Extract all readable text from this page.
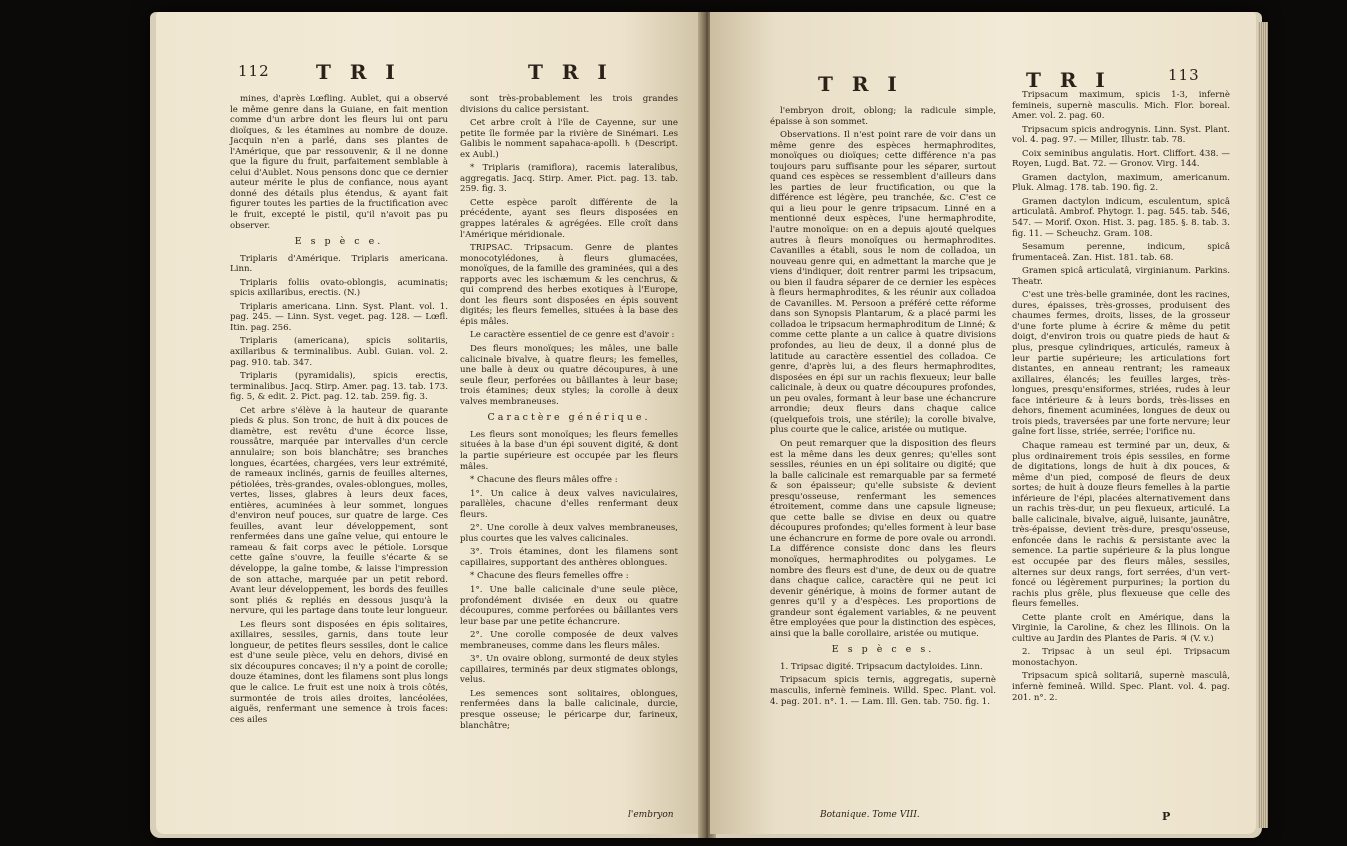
112 T R I	T R I

mines, d'après Lœfling. Aublet, qui a observé le même genre dans la Guiane, en fait mention comme d'un arbre dont les fleurs lui ont paru dioïques, & les étamines au nombre de douze. Jacquin n'en a parlé, dans ses plantes de l'Amérique, que par ressouvenir, & il ne donne que la figure du fruit, parfaitement semblable à celui d'Aublet. Nous pensons donc que ce dernier auteur mérite le plus de confiance, nous ayant donné des détails plus étendus, & ayant fait figurer toutes les parties de la fructification avec le fruit, excepté le pistil, qu'il n'avoit pas pu observer.

E s p è c e.

Triplaris d'Amérique. Triplaris americana. Linn.

Triplaris foliis ovato-oblongis, acuminatis; spicis axillaribus, erectis. (N.)

Triplaris americana. Linn. Syst. Plant. vol. 1. pag. 245. — Linn. Syst. veget. pag. 128. — Lœfl. Itin. pag. 256.

Triplaris (americana), spicis solitariis, axillaribus & terminalibus. Aubl. Guian. vol. 2. pag. 910. tab. 347.

Triplaris (pyramidalis), spicis erectis, terminalibus. Jacq. Stirp. Amer. pag. 13. tab. 173. fig. 5, & edit. 2. Pict. pag. 12. tab. 259. fig. 3.

Cet arbre s'élève à la hauteur de quarante pieds & plus. Son tronc, de huit à dix pouces de diamètre, est revêtu d'une écorce lisse, roussâtre, marquée par intervalles d'un cercle annulaire; son bois blanchâtre; ses branches longues, écartées, chargées, vers leur extrémité, de rameaux inclinés, garnis de feuilles alternes, pétiolées, très-grandes, ovales-oblongues, molles, vertes, lisses, glabres à leurs deux faces, entières, acuminées à leur sommet, longues d'environ neuf pouces, sur quatre de large. Ces feuilles, avant leur développement, sont renfermées dans une gaîne velue, qui entoure le rameau & fait corps avec le pétiole. Lorsque cette gaîne s'ouvre, la feuille s'écarte & se développe, la gaîne tombe, & laisse l'impression de son attache, marquée par un petit rebord. Avant leur développement, les bords des feuilles sont pliés & repliés en dessous jusqu'à la nervure, qui les partage dans toute leur longueur.

Les fleurs sont disposées en épis solitaires, axillaires, sessiles, garnis, dans toute leur longueur, de petites fleurs sessiles, dont le calice est d'une seule pièce, velu en dehors, divisé en six découpures concaves; il n'y a point de corolle; douze étamines, dont les filamens sont plus longs que le calice. Le fruit est une noix à trois côtés, surmontée de trois ailes droites, lancéolées, aiguës, renfermant une semence à trois faces: ces ailes

sont très-probablement les trois grandes divisions du calice persistant.

Cet arbre croît à l'île de Cayenne, sur une petite île formée par la rivière de Sinémari. Les Galibis le nomment sapahaca-apolli. ♄ (Descript. ex Aubl.)

* Triplaris (ramiflora), racemis lateralibus, aggregatis. Jacq. Stirp. Amer. Pict. pag. 13. tab. 259. fig. 3.

Cette espèce paroît différente de la précédente, ayant ses fleurs disposées en grappes latérales & agrégées. Elle croît dans l'Amérique méridionale.

TRIPSAC. Tripsacum. Genre de plantes monocotylédones, à fleurs glumacées, monoïques, de la famille des graminées, qui a des rapports avec les ischæmum & les cenchrus, & qui comprend des herbes exotiques à l'Europe, dont les fleurs sont disposées en épis souvent digités; les fleurs femelles, situées à la base des épis mâles.

Le caractère essentiel de ce genre est d'avoir :

Des fleurs monoïques; les mâles, une balle calicinale bivalve, à quatre fleurs; les femelles, une balle à deux ou quatre découpures, à une seule fleur, perforées ou bâillantes à leur base; trois étamines; deux styles; la corolle à deux valves membraneuses.

Caractère générique.

Les fleurs sont monoïques; les fleurs femelles situées à la base d'un épi souvent digité, & dont la partie supérieure est occupée par les fleurs mâles.

* Chacune des fleurs mâles offre :

1°. Un calice à deux valves naviculaires, parallèles, chacune d'elles renfermant deux fleurs.

2°. Une corolle à deux valves membraneuses, plus courtes que les valves calicinales.

3°. Trois étamines, dont les filamens sont capillaires, supportant des anthères oblongues.

* Chacune des fleurs femelles offre :

1°. Une balle calicinale d'une seule pièce, profondément divisée en deux ou quatre découpures, comme perforées ou bâillantes vers leur base par une petite échancrure.

2°. Une corolle composée de deux valves membraneuses, comme dans les fleurs mâles.

3°. Un ovaire oblong, surmonté de deux styles capillaires, terminés par deux stigmates oblongs, velus.

Les semences sont solitaires, oblongues, renfermées dans la balle calicinale, durcie, presque osseuse; le péricarpe dur, farineux, blanchâtre;

l'embryon
T R I	T R I	113

l'embryon droit, oblong; la radicule simple, épaisse à son sommet.

Observations. Il n'est point rare de voir dans un même genre des espèces hermaphrodites, monoïques ou dioïques; cette différence n'a pas toujours paru suffisante pour les séparer, surtout quand ces espèces se ressemblent d'ailleurs dans les parties de leur fructification, ou que la différence est légère, peu tranchée, &c. C'est ce qui a lieu pour le genre tripsacum. Linné en a mentionné deux espèces, l'une hermaphrodite, l'autre monoïque: on en a depuis ajouté quelques autres à fleurs monoïques ou hermaphrodites. Cavanilles a établi, sous le nom de colladoa, un nouveau genre qui, en admettant la marche que je viens d'indiquer, doit rentrer parmi les tripsacum, ou bien il faudra séparer de ce dernier les espèces à fleurs hermaphrodites, & les réunir aux colladoa de Cavanilles. M. Persoon a préféré cette réforme dans son Synopsis Plantarum, & a placé parmi les colladoa le tripsacum hermaphroditum de Linné; & comme cette plante a un calice à quatre divisions profondes, au lieu de deux, il a donné plus de latitude au caractère essentiel des colladoa. Ce genre, d'après lui, a des fleurs hermaphrodites, disposées en épi sur un rachis flexueux; leur balle calicinale, à deux ou quatre découpures profondes, un peu ovales, formant à leur base une échancrure arrondie; deux fleurs dans chaque calice (quelquefois trois, une stérile); la corolle bivalve, plus courte que le calice, aristée ou mutique.

On peut remarquer que la disposition des fleurs est la même dans les deux genres; qu'elles sont sessiles, réunies en un épi solitaire ou digité; que la balle calicinale est remarquable par sa fermeté & son épaisseur; qu'elle subsiste & devient presqu'osseuse, renfermant les semences étroitement, comme dans une capsule ligneuse; que cette balle se divise en deux ou quatre découpures profondes; qu'elles forment à leur base une échancrure en forme de pore ovale ou arrondi. La différence consiste donc dans les fleurs monoïques, hermaphrodites ou polygames. Le nombre des fleurs est d'une, de deux ou de quatre dans chaque calice, caractère qui ne peut ici devenir générique, à moins de former autant de genres qu'il y a d'espèces. Les proportions de grandeur sont également variables, & ne peuvent être employées que pour la distinction des espèces, ainsi que la balle corollaire, aristée ou mutique.

E s p è c e s.

1. Tripsac digité. Tripsacum dactyloides. Linn.

Tripsacum spicis ternis, aggregatis, supernè masculis, infernè femineis. Willd. Spec. Plant. vol. 4. pag. 201. n°. 1. — Lam. Ill. Gen. tab. 750. fig. 1.

Tripsacum maximum, spicis 1-3, infernè femineis, supernè masculis. Mich. Flor. boreal. Amer. vol. 2. pag. 60.

Tripsacum spicis androgynis. Linn. Syst. Plant. vol. 4. pag. 97. — Miller, Illustr. tab. 78.

Coix seminibus angulatis. Hort. Cliffort. 438. — Royen, Lugd. Bat. 72. — Gronov. Virg. 144.

Gramen dactylon, maximum, americanum. Pluk. Almag. 178. tab. 190. fig. 2.

Gramen dactylon indicum, esculentum, spicâ articulatâ. Ambrof. Phytogr. 1. pag. 545. tab. 546, 547. — Morif. Oxon. Hist. 3. pag. 185. §. 8. tab. 3. fig. 11. — Scheuchz. Gram. 108.

Sesamum perenne, indicum, spicâ frumentaceâ. Zan. Hist. 181. tab. 68.

Gramen spicâ articulatâ, virginianum. Parkins. Theatr.

C'est une très-belle graminée, dont les racines, dures, épaisses, très-grosses, produisent des chaumes fermes, droits, lisses, de la grosseur d'une forte plume à écrire & même du petit doigt, d'environ trois ou quatre pieds de haut & plus, presque cylindriques, articulés, rameux à leur partie supérieure; les articulations fort distantes, en anneau rentrant; les rameaux axillaires, élancés; les feuilles larges, très-longues, presqu'ensiformes, striées, rudes à leur face intérieure & à leurs bords, très-lisses en dehors, finement acuminées, longues de deux ou trois pieds, traversées par une forte nervure; leur gaîne fort lisse, striée, serrée; l'orifice nu.

Chaque rameau est terminé par un, deux, & plus ordinairement trois épis sessiles, en forme de digitations, longs de huit à dix pouces, & même d'un pied, composé de fleurs de deux sortes; de huit à douze fleurs femelles à la partie inférieure de l'épi, placées alternativement dans un rachis très-dur, un peu flexueux, articulé. La balle calicinale, bivalve, aiguë, luisante, jaunâtre, très-épaisse, devient très-dure, presqu'osseuse, enfoncée dans le rachis & persistante avec la semence. La partie supérieure & la plus longue est occupée par des fleurs mâles, sessiles, alternes sur deux rangs, fort serrées, d'un vert-foncé ou légèrement purpurines; la portion du rachis plus grêle, plus flexueuse que celle des fleurs femelles.

Cette plante croît en Amérique, dans la Virginie, la Caroline, & chez les Illinois. On la cultive au Jardin des Plantes de Paris. ♃ (V. v.)

2. Tripsac à un seul épi. Tripsacum monostachyon.

Tripsacum spicâ solitariâ, supernè masculâ, infernè femineâ. Willd. Spec. Plant. vol. 4. pag. 201. n°. 2.

Botanique. Tome VIII.	P
